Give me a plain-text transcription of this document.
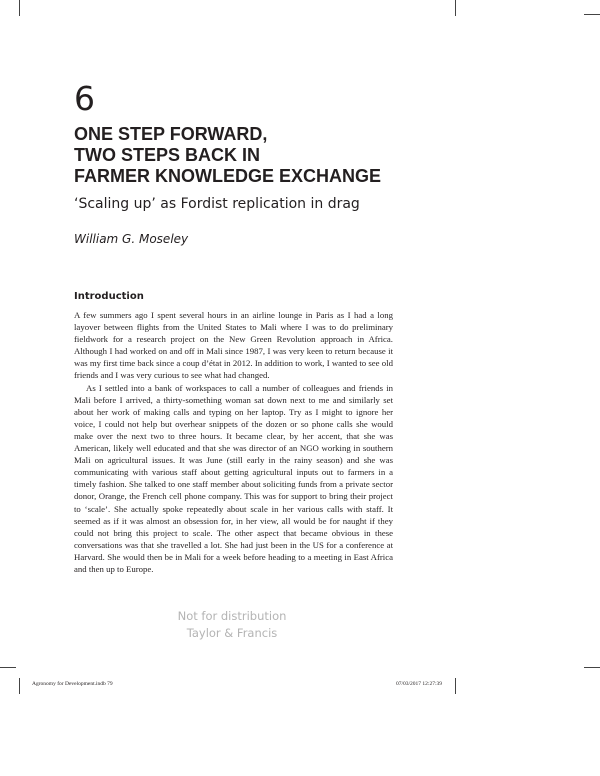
6
ONE STEP FORWARD,
TWO STEPS BACK IN
FARMER KNOWLEDGE EXCHANGE
‘Scaling up’ as Fordist replication in drag
William G. Moseley
Introduction

A few summers ago I spent several hours in an airline lounge in Paris as I had a long layover between flights from the United States to Mali where I was to do preliminary fieldwork for a research project on the New Green Revolution approach in Africa. Although I had worked on and off in Mali since 1987, I was very keen to return because it was my first time back since a coup d’état in 2012. In addition to work, I wanted to see old friends and I was very curious to see what had changed.

As I settled into a bank of workspaces to call a number of colleagues and friends in Mali before I arrived, a thirty-something woman sat down next to me and similarly set about her work of making calls and typing on her laptop. Try as I might to ignore her voice, I could not help but overhear snippets of the dozen or so phone calls she would make over the next two to three hours. It became clear, by her accent, that she was American, likely well educated and that she was director of an NGO working in southern Mali on agricultural issues. It was June (still early in the rainy season) and she was communicating with various staff about getting agricultural inputs out to farmers in a timely fashion. She talked to one staff member about soliciting funds from a private sector donor, Orange, the French cell phone company. This was for support to bring their project to ‘scale’. She actually spoke repeatedly about scale in her various calls with staff. It seemed as if it was almost an obsession for, in her view, all would be for naught if they could not bring this project to scale. The other aspect that became obvious in these conversations was that she travelled a lot. She had just been in the US for a conference at Harvard. She would then be in Mali for a week before heading to a meeting in East Africa and then up to Europe.

Not for distribution
Taylor & Francis
Agronomy for Development.indb 79	07/03/2017 12:27:39
